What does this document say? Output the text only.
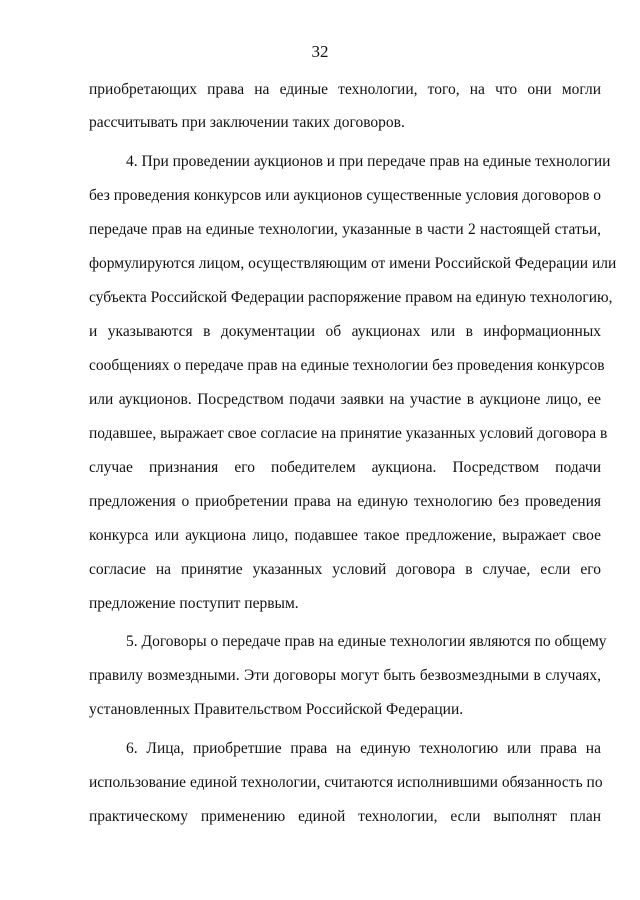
32
приобретающих права на единые технологии, того, на что они могли
рассчитывать при заключении таких договоров.
4. При проведении аукционов и при передаче прав на единые технологии
без проведения конкурсов или аукционов существенные условия договоров о
передаче прав на единые технологии, указанные в части 2 настоящей статьи,
формулируются лицом, осуществляющим от имени Российской Федерации или
субъекта Российской Федерации распоряжение правом на единую технологию,
и указываются в документации об аукционах или в информационных
сообщениях о передаче прав на единые технологии без проведения конкурсов
или аукционов. Посредством подачи заявки на участие в аукционе лицо, ее
подавшее, выражает свое согласие на принятие указанных условий договора в
случае признания его победителем аукциона. Посредством подачи
предложения о приобретении права на единую технологию без проведения
конкурса или аукциона лицо, подавшее такое предложение, выражает свое
согласие на принятие указанных условий договора в случае, если его
предложение поступит первым.
5. Договоры о передаче прав на единые технологии являются по общему
правилу возмездными. Эти договоры могут быть безвозмездными в случаях,
установленных Правительством Российской Федерации.
6. Лица, приобретшие права на единую технологию или права на
использование единой технологии, считаются исполнившими обязанность по
практическому применению единой технологии, если выполнят план
